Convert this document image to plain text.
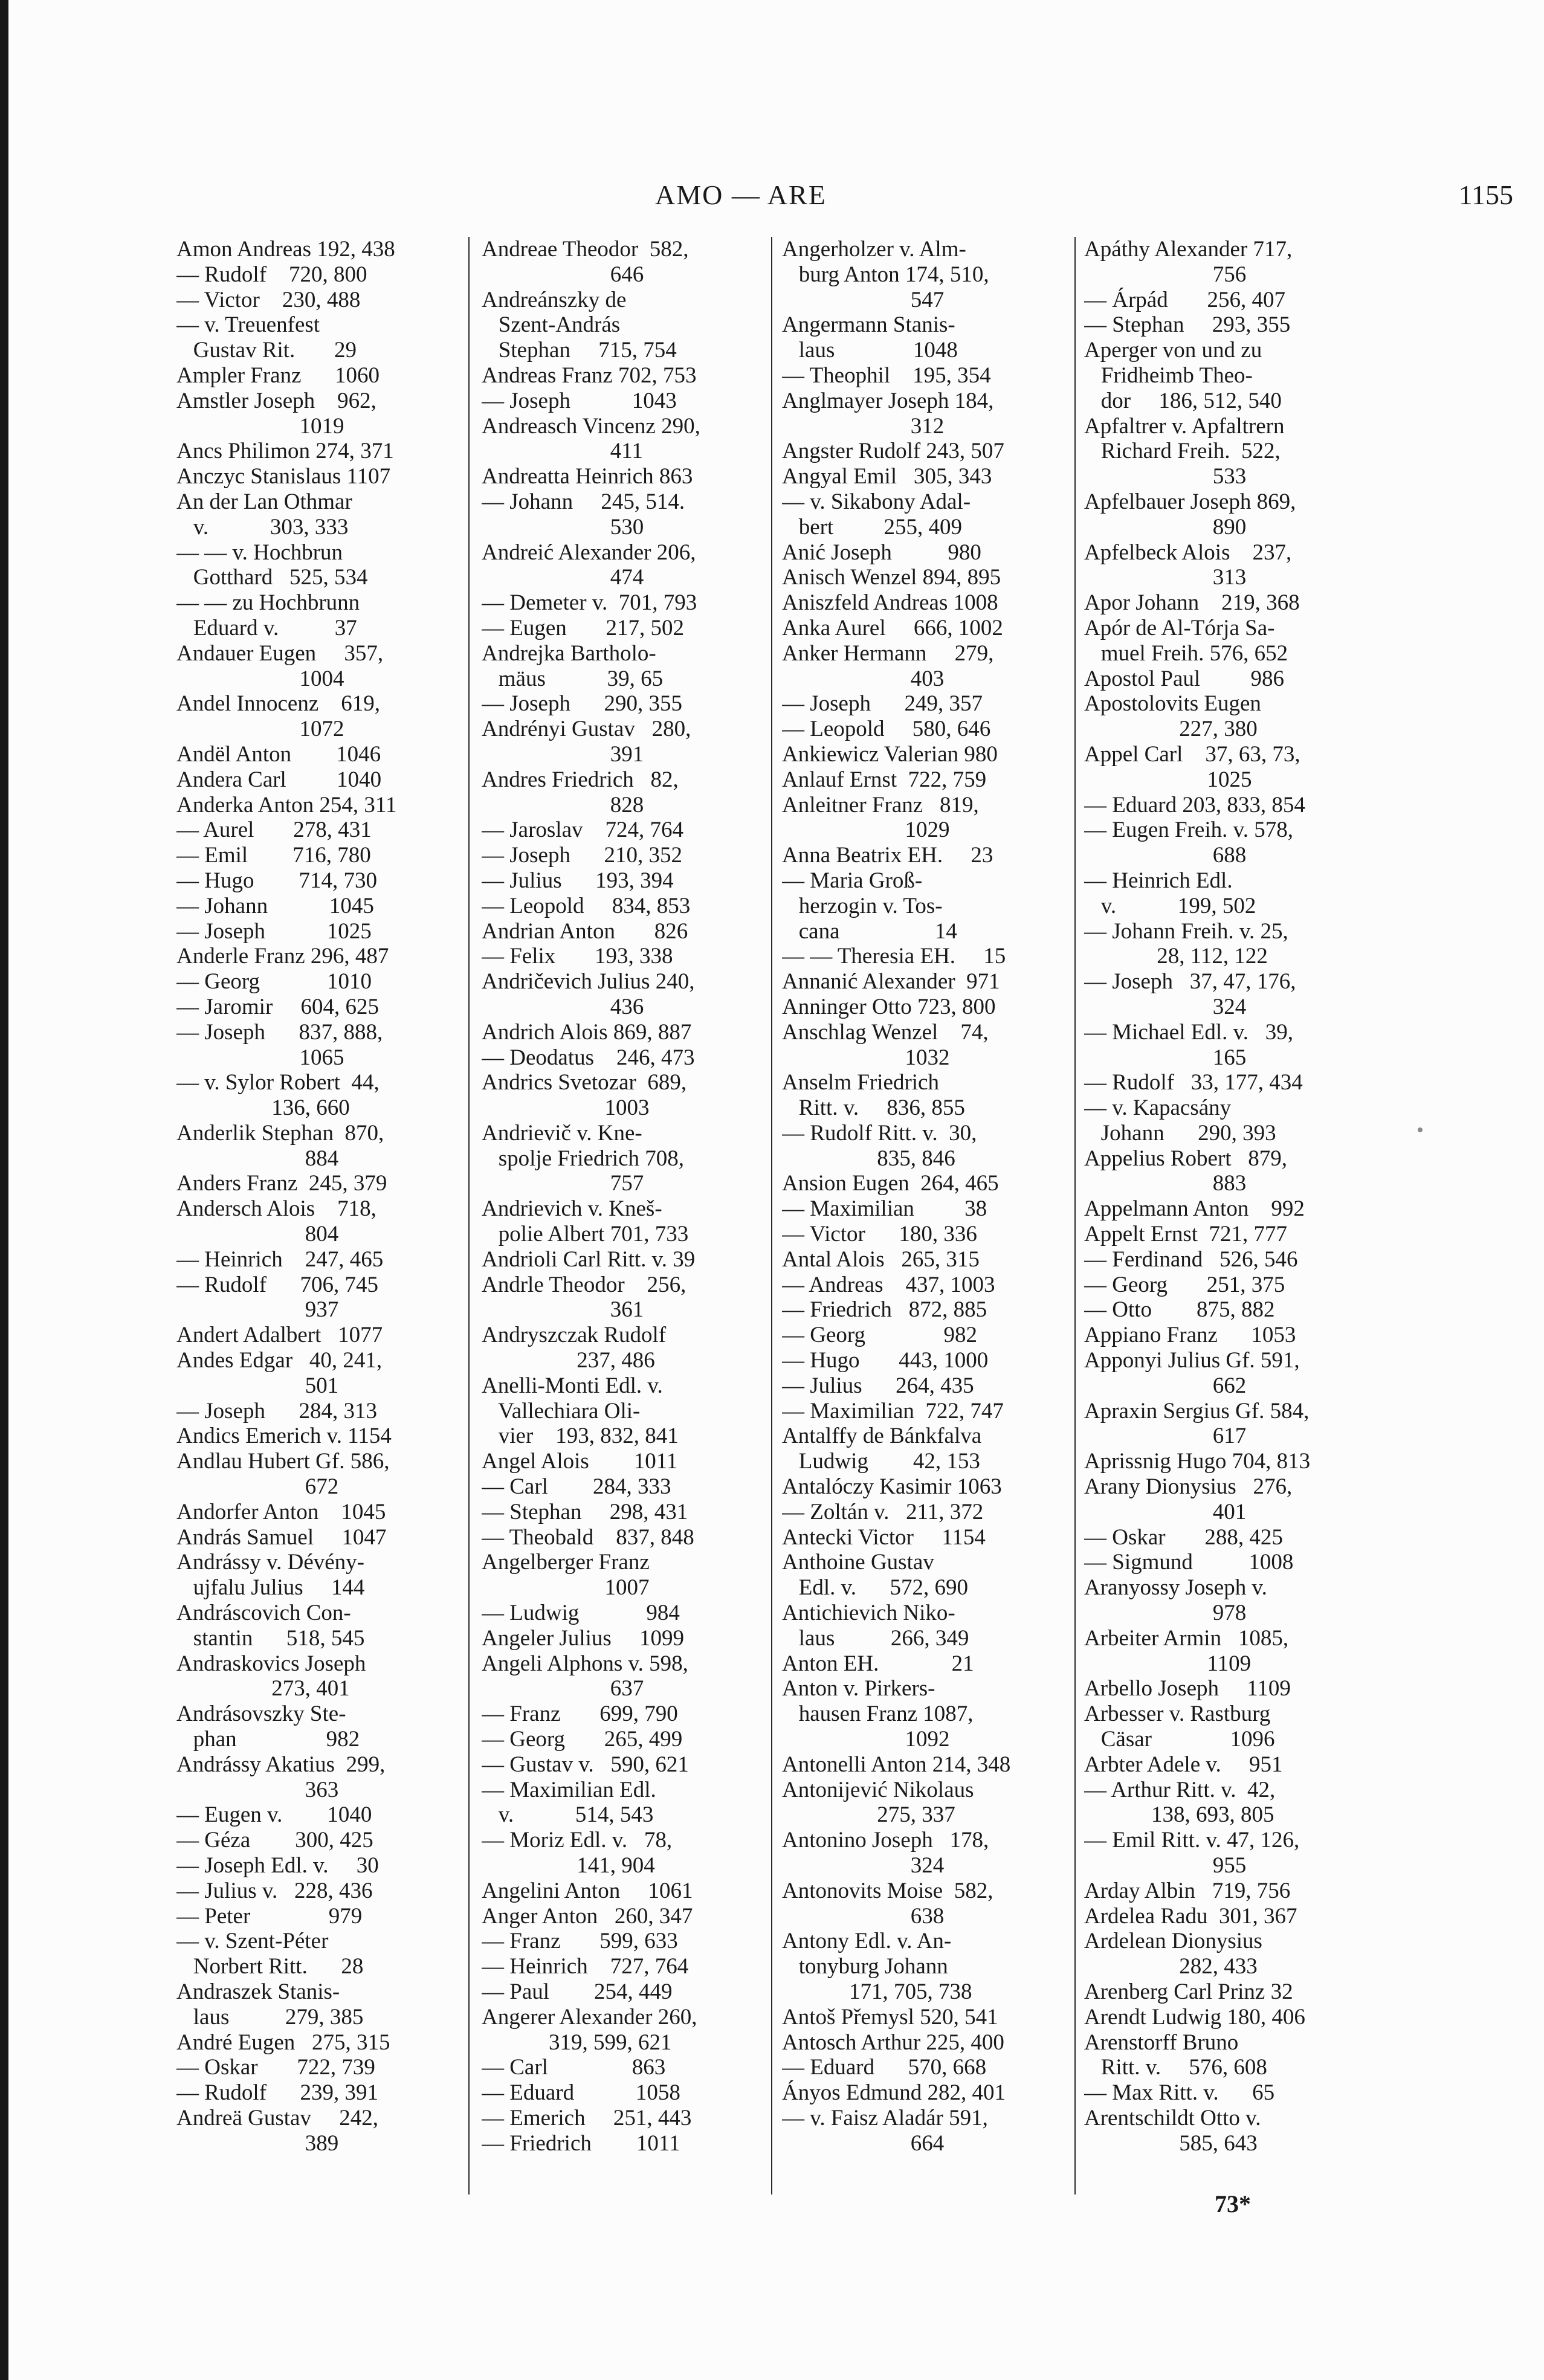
AMO — ARE	1155
Amon Andreas 192, 438
— Rudolf    720, 800
— Victor    230, 488
— v. Treuenfest
Gustav Rit.       29
Ampler Franz      1060
Amstler Joseph    962,
1019
Ancs Philimon 274, 371
Anczyc Stanislaus 1107
An der Lan Othmar
v.           303, 333
— — v. Hochbrun
Gotthard   525, 534
— — zu Hochbrunn
Eduard v.          37
Andauer Eugen     357,
1004
Andel Innocenz    619,
1072
Andël Anton        1046
Andera Carl         1040
Anderka Anton 254, 311
— Aurel       278, 431
— Emil        716, 780
— Hugo        714, 730
— Johann           1045
— Joseph           1025
Anderle Franz 296, 487
— Georg            1010
— Jaromir     604, 625
— Joseph      837, 888,
1065
— v. Sylor Robert  44,
136, 660
Anderlik Stephan  870,
884
Anders Franz  245, 379
Andersch Alois    718,
804
— Heinrich    247, 465
— Rudolf      706, 745
937
Andert Adalbert   1077
Andes Edgar   40, 241,
501
— Joseph      284, 313
Andics Emerich v. 1154
Andlau Hubert Gf. 586,
672
Andorfer Anton    1045
András Samuel     1047
Andrássy v. Dévény-
ujfalu Julius     144
Andráscovich Con-
stantin      518, 545
Andraskovics Joseph
273, 401
Andrásovszky Ste-
phan                982
Andrássy Akatius  299,
363
— Eugen v.        1040
— Géza        300, 425
— Joseph Edl. v.     30
— Julius v.   228, 436
— Peter              979
— v. Szent-Péter
Norbert Ritt.      28
Andraszek Stanis-
laus          279, 385
André Eugen   275, 315
— Oskar       722, 739
— Rudolf      239, 391
Andreä Gustav     242,
389
Andreae Theodor  582,
646
Andreánszky de
Szent-András
Stephan     715, 754
Andreas Franz 702, 753
— Joseph           1043
Andreasch Vincenz 290,
411
Andreatta Heinrich 863
— Johann     245, 514.
530
Andreić Alexander 206,
474
— Demeter v.  701, 793
— Eugen       217, 502
Andrejka Bartholo-
mäus           39, 65
— Joseph      290, 355
Andrényi Gustav   280,
391
Andres Friedrich   82,
828
— Jaroslav    724, 764
— Joseph      210, 352
— Julius      193, 394
— Leopold     834, 853
Andrian Anton       826
— Felix       193, 338
Andričevich Julius 240,
436
Andrich Alois 869, 887
— Deodatus    246, 473
Andrics Svetozar  689,
1003
Andrievič v. Kne-
spolje Friedrich 708,
757
Andrievich v. Kneš-
polie Albert 701, 733
Andrioli Carl Ritt. v. 39
Andrle Theodor    256,
361
Andryszczak Rudolf
237, 486
Anelli-Monti Edl. v.
Vallechiara Oli-
vier    193, 832, 841
Angel Alois        1011
— Carl        284, 333
— Stephan     298, 431
— Theobald    837, 848
Angelberger Franz
1007
— Ludwig            984
Angeler Julius     1099
Angeli Alphons v. 598,
637
— Franz       699, 790
— Georg       265, 499
— Gustav v.   590, 621
— Maximilian Edl.
v.           514, 543
— Moriz Edl. v.   78,
141, 904
Angelini Anton     1061
Anger Anton   260, 347
— Franz       599, 633
— Heinrich    727, 764
— Paul        254, 449
Angerer Alexander 260,
319, 599, 621
— Carl               863
— Eduard           1058
— Emerich     251, 443
— Friedrich        1011
Angerholzer v. Alm-
burg Anton 174, 510,
547
Angermann Stanis-
laus              1048
— Theophil    195, 354
Anglmayer Joseph 184,
312
Angster Rudolf 243, 507
Angyal Emil   305, 343
— v. Sikabony Adal-
bert         255, 409
Anić Joseph          980
Anisch Wenzel 894, 895
Aniszfeld Andreas 1008
Anka Aurel     666, 1002
Anker Hermann     279,
403
— Joseph      249, 357
— Leopold     580, 646
Ankiewicz Valerian 980
Anlauf Ernst  722, 759
Anleitner Franz   819,
1029
Anna Beatrix EH.     23
— Maria Groß-
herzogin v. Tos-
cana                 14
— — Theresia EH.     15
Annanić Alexander  971
Anninger Otto 723, 800
Anschlag Wenzel    74,
1032
Anselm Friedrich
Ritt. v.     836, 855
— Rudolf Ritt. v.  30,
835, 846
Ansion Eugen  264, 465
— Maximilian         38
— Victor      180, 336
Antal Alois   265, 315
— Andreas    437, 1003
— Friedrich   872, 885
— Georg              982
— Hugo       443, 1000
— Julius      264, 435
— Maximilian  722, 747
Antalffy de Bánkfalva
Ludwig        42, 153
Antalóczy Kasimir 1063
— Zoltán v.   211, 372
Antecki Victor     1154
Anthoine Gustav
Edl. v.      572, 690
Antichievich Niko-
laus          266, 349
Anton EH.             21
Anton v. Pirkers-
hausen Franz 1087,
1092
Antonelli Anton 214, 348
Antonijević Nikolaus
275, 337
Antonino Joseph   178,
324
Antonovits Moise  582,
638
Antony Edl. v. An-
tonyburg Johann
171, 705, 738
Antoš Přemysl 520, 541
Antosch Arthur 225, 400
— Eduard      570, 668
Ányos Edmund 282, 401
— v. Faisz Aladár 591,
664
Apáthy Alexander 717,
756
— Árpád       256, 407
— Stephan     293, 355
Aperger von und zu
Fridheimb Theo-
dor     186, 512, 540
Apfaltrer v. Apfaltrern
Richard Freih.  522,
533
Apfelbauer Joseph 869,
890
Apfelbeck Alois    237,
313
Apor Johann    219, 368
Apór de Al-Tórja Sa-
muel Freih. 576, 652
Apostol Paul         986
Apostolovits Eugen
227, 380
Appel Carl    37, 63, 73,
1025
— Eduard 203, 833, 854
— Eugen Freih. v. 578,
688
— Heinrich Edl.
v.           199, 502
— Johann Freih. v. 25,
28, 112, 122
— Joseph   37, 47, 176,
324
— Michael Edl. v.   39,
165
— Rudolf   33, 177, 434
— v. Kapacsány
Johann      290, 393
Appelius Robert   879,
883
Appelmann Anton    992
Appelt Ernst  721, 777
— Ferdinand   526, 546
— Georg       251, 375
— Otto        875, 882
Appiano Franz      1053
Apponyi Julius Gf. 591,
662
Apraxin Sergius Gf. 584,
617
Aprissnig Hugo 704, 813
Arany Dionysius   276,
401
— Oskar       288, 425
— Sigmund          1008
Aranyossy Joseph v.
978
Arbeiter Armin   1085,
1109
Arbello Joseph     1109
Arbesser v. Rastburg
Cäsar              1096
Arbter Adele v.     951
— Arthur Ritt. v.  42,
138, 693, 805
— Emil Ritt. v. 47, 126,
955
Arday Albin   719, 756
Ardelea Radu  301, 367
Ardelean Dionysius
282, 433
Arenberg Carl Prinz 32
Arendt Ludwig 180, 406
Arenstorff Bruno
Ritt. v.     576, 608
— Max Ritt. v.      65
Arentschildt Otto v.
585, 643
73*
